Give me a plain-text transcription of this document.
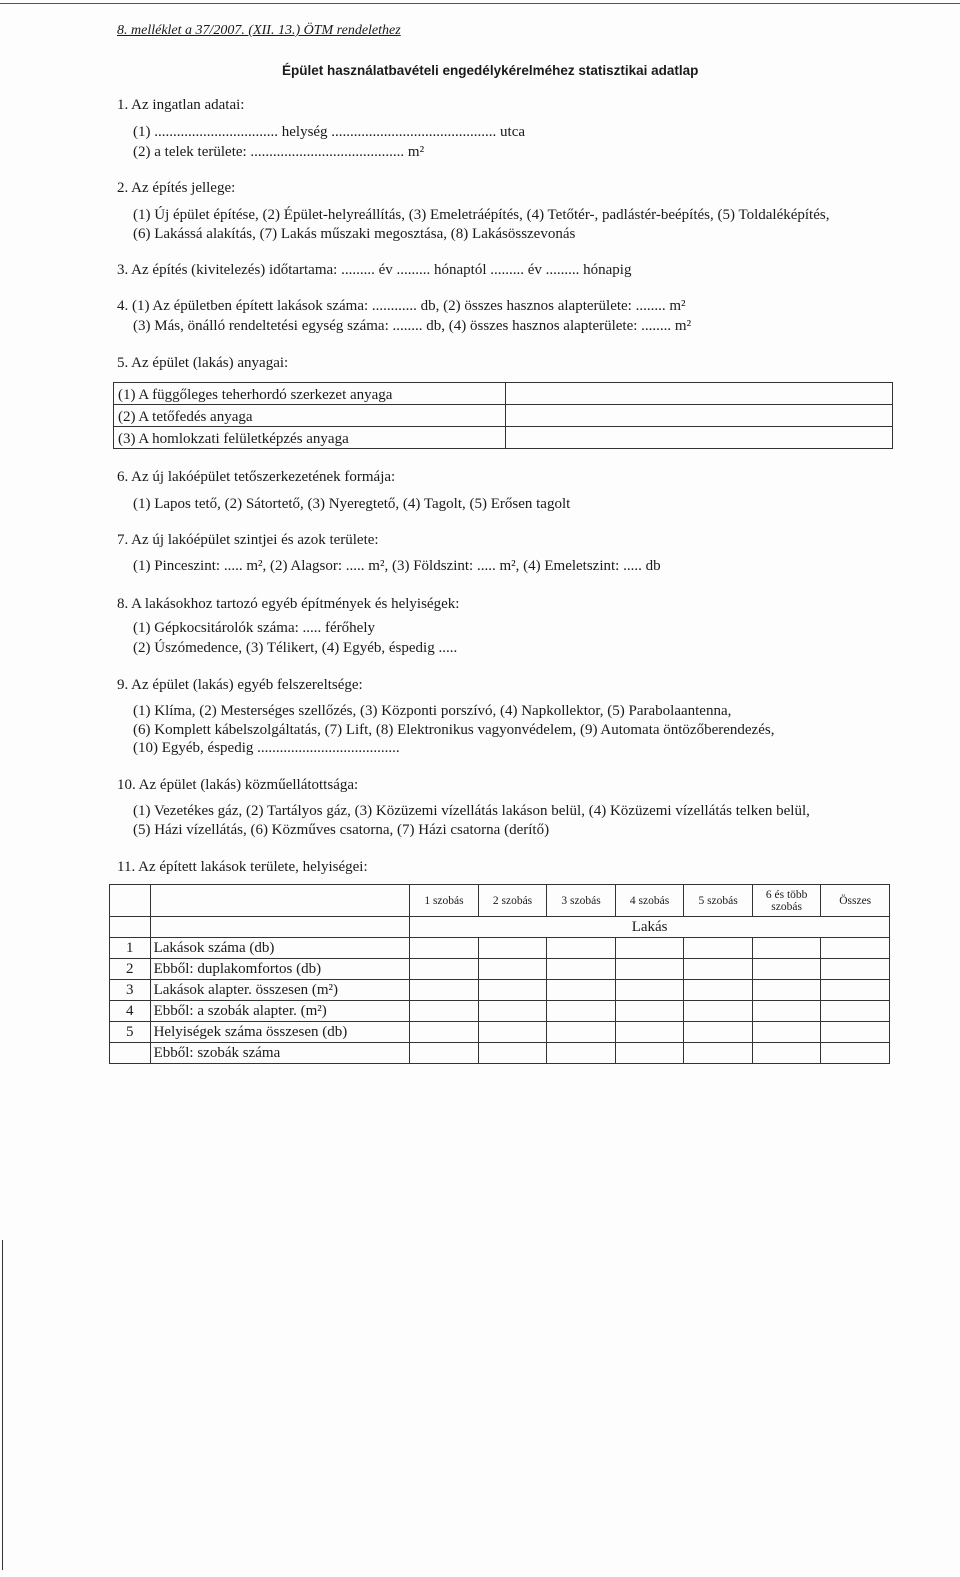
8. melléklet a 37/2007. (XII. 13.) ÖTM rendelethez
Épület használatbavételi engedélykérelméhez statisztikai adatlap
1. Az ingatlan adatai:
(1) ................................. helység ............................................ utca
(2) a telek területe: ......................................... m²
2. Az építés jellege:
(1) Új épület építése, (2) Épület-helyreállítás, (3) Emeletráépítés, (4) Tetőtér-, padlástér-beépítés, (5) Toldaléképítés,
(6) Lakássá alakítás, (7) Lakás műszaki megosztása, (8) Lakásösszevonás
3. Az építés (kivitelezés) időtartama: ......... év ......... hónaptól ......... év ......... hónapig
4. (1) Az épületben épített lakások száma: ............ db, (2) összes hasznos alapterülete: ........ m²
(3) Más, önálló rendeltetési egység száma: ........ db, (4) összes hasznos alapterülete: ........ m²
5. Az épület (lakás) anyagai:
(1) A függőleges teherhordó szerkezet anyaga	
(2) A tetőfedés anyaga	
(3) A homlokzati felületképzés anyaga	
6. Az új lakóépület tetőszerkezetének formája:
(1) Lapos tető, (2) Sátortető, (3) Nyeregtető, (4) Tagolt, (5) Erősen tagolt
7. Az új lakóépület szintjei és azok területe:
(1) Pinceszint: ..... m², (2) Alagsor: ..... m², (3) Földszint: ..... m², (4) Emeletszint: ..... db
8. A lakásokhoz tartozó egyéb építmények és helyiségek:
(1) Gépkocsitárolók száma: ..... férőhely
(2) Úszómedence, (3) Télikert, (4) Egyéb, éspedig .....
9. Az épület (lakás) egyéb felszereltsége:
(1) Klíma, (2) Mesterséges szellőzés, (3) Központi porszívó, (4) Napkollektor, (5) Parabolaantenna,
(6) Komplett kábelszolgáltatás, (7) Lift, (8) Elektronikus vagyonvédelem, (9) Automata öntözőberendezés,
(10) Egyéb, éspedig ......................................
10. Az épület (lakás) közműellátottsága:
(1) Vezetékes gáz, (2) Tartályos gáz, (3) Közüzemi vízellátás lakáson belül, (4) Közüzemi vízellátás telken belül,
(5) Házi vízellátás, (6) Közműves csatorna, (7) Házi csatorna (derítő)
11. Az épített lakások területe, helyiségei:
		1 szobás	2 szobás	3 szobás	4 szobás	5 szobás	6 és több szobás	Összes
		Lakás						
1	Lakások száma (db)							
2	Ebből: duplakomfortos (db)							
3	Lakások alapter. összesen (m²)							
4	Ebből: a szobák alapter. (m²)							
5	Helyiségek száma összesen (db)							
	Ebből: szobák száma							
